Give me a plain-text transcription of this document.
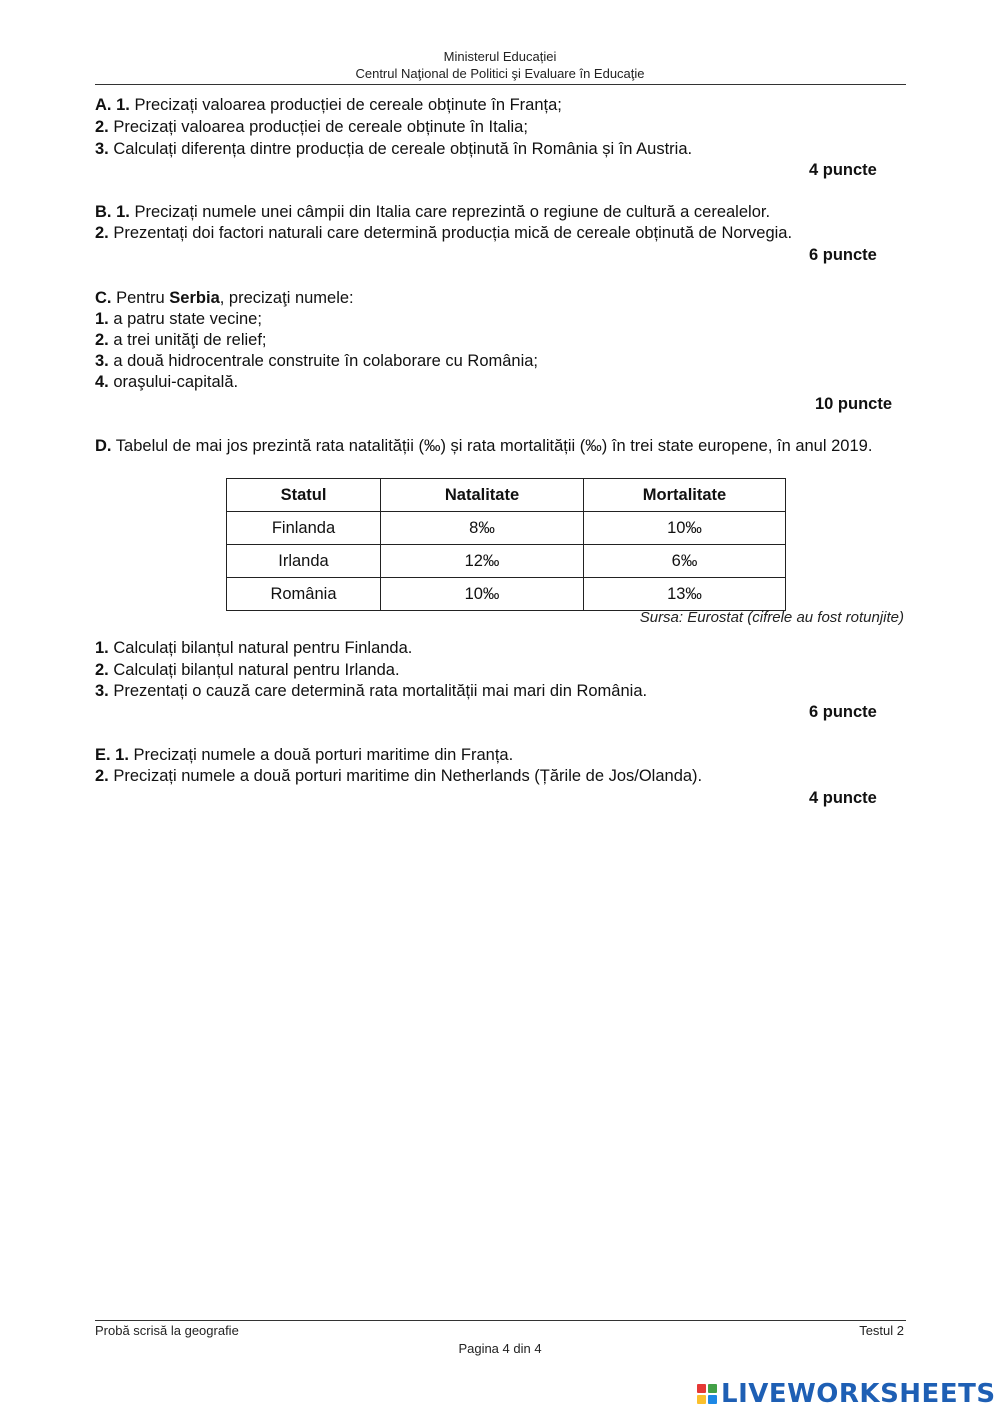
Ministerul Educației
Centrul Naţional de Politici şi Evaluare în Educaţie
A. 1. Precizați valoarea producției de cereale obținute în Franța;
2. Precizați valoarea producției de cereale obținute în Italia;
3. Calculați diferența dintre producția de cereale obținută în România și în Austria.
4 puncte
B. 1. Precizați numele unei câmpii din Italia care reprezintă o regiune de cultură a cerealelor.
2. Prezentați doi factori naturali care determină producția mică de cereale obținută de Norvegia.
6 puncte
C. Pentru Serbia, precizaţi numele:
1. a patru state vecine;
2. a trei unităţi de relief;
3. a două hidrocentrale construite în colaborare cu România;
4. oraşului-capitală.
10 puncte
D. Tabelul de mai jos prezintă rata natalității (‰) și rata mortalității (‰) în trei state europene, în anul 2019.
Statul	Natalitate	Mortalitate
Finlanda	8‰	10‰
Irlanda	12‰	6‰
România	10‰	13‰
Sursa: Eurostat (cifrele au fost rotunjite)
1. Calculați bilanțul natural pentru Finlanda.
2. Calculați bilanțul natural pentru Irlanda.
3. Prezentați o cauză care determină rata mortalității mai mari din România.
6 puncte
E. 1. Precizați numele a două porturi maritime din Franța.
2. Precizați numele a două porturi maritime din Netherlands (Țările de Jos/Olanda).
4 puncte
Probă scrisă la geografie	Testul 2
Pagina 4 din 4
LIVEWORKSHEETS
